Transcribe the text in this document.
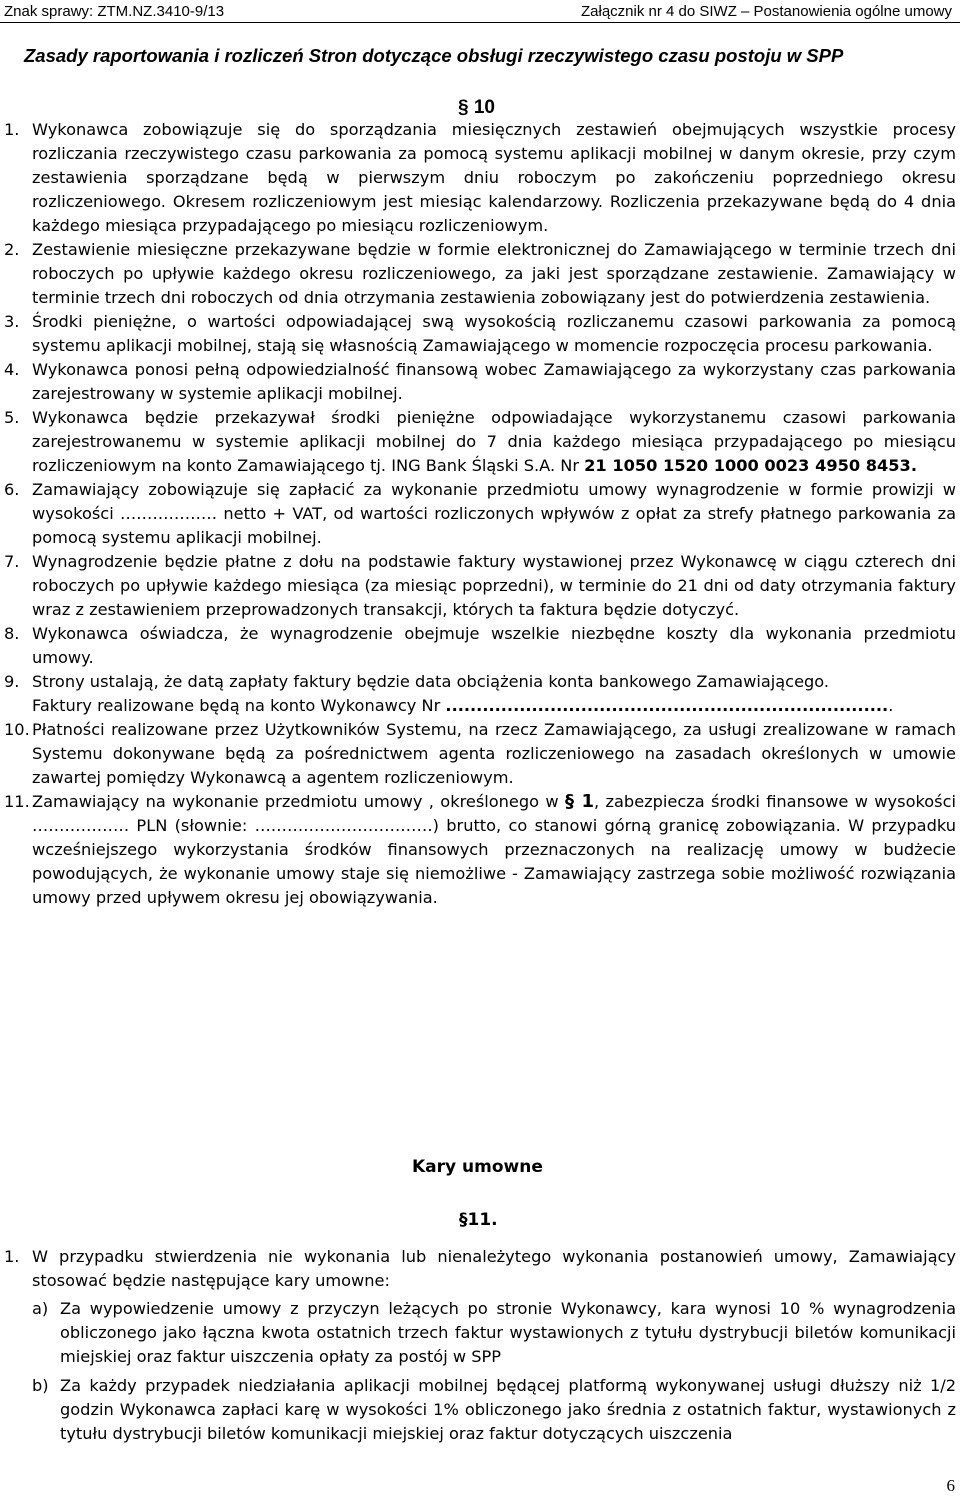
Znak sprawy: ZTM.NZ.3410-9/13	Załącznik nr 4 do SIWZ – Postanowienia ogólne umowy
Zasady raportowania i rozliczeń Stron dotyczące obsługi rzeczywistego czasu postoju w SPP
§ 10
1. Wykonawca zobowiązuje się do sporządzania miesięcznych zestawień obejmujących wszystkie procesy rozliczania rzeczywistego czasu parkowania za pomocą systemu aplikacji mobilnej w danym okresie, przy czym zestawienia sporządzane będą w pierwszym dniu roboczym po zakończeniu poprzedniego okresu rozliczeniowego. Okresem rozliczeniowym jest miesiąc kalendarzowy. Rozliczenia przekazywane będą do 4 dnia każdego miesiąca przypadającego po miesiącu rozliczeniowym.
2. Zestawienie miesięczne przekazywane będzie w formie elektronicznej do Zamawiającego w terminie trzech dni roboczych po upływie każdego okresu rozliczeniowego, za jaki jest sporządzane zestawienie. Zamawiający w terminie trzech dni roboczych od dnia otrzymania zestawienia zobowiązany jest do potwierdzenia zestawienia.
3. Środki pieniężne, o wartości odpowiadającej swą wysokością rozliczanemu czasowi parkowania za pomocą systemu aplikacji mobilnej, stają się własnością Zamawiającego w momencie rozpoczęcia procesu parkowania.
4. Wykonawca ponosi pełną odpowiedzialność finansową wobec Zamawiającego za wykorzystany czas parkowania zarejestrowany w systemie aplikacji mobilnej.
5. Wykonawca będzie przekazywał środki pieniężne odpowiadające wykorzystanemu czasowi parkowania zarejestrowanemu w systemie aplikacji mobilnej do 7 dnia każdego miesiąca przypadającego po miesiącu rozliczeniowym na konto Zamawiającego tj. ING Bank Śląski S.A. Nr 21 1050 1520 1000 0023 4950 8453.
6. Zamawiający zobowiązuje się zapłacić za wykonanie przedmiotu umowy wynagrodzenie w formie prowizji w wysokości ……………… netto + VAT, od wartości rozliczonych wpływów z opłat za strefy płatnego parkowania za pomocą systemu aplikacji mobilnej.
7. Wynagrodzenie będzie płatne z dołu na podstawie faktury wystawionej przez Wykonawcę w ciągu czterech dni roboczych po upływie każdego miesiąca (za miesiąc poprzedni), w terminie do 21 dni od daty otrzymania faktury wraz z zestawieniem przeprowadzonych transakcji, których ta faktura będzie dotyczyć.
8. Wykonawca oświadcza, że wynagrodzenie obejmuje wszelkie niezbędne koszty dla wykonania przedmiotu umowy.
9. Strony ustalają, że datą zapłaty faktury będzie data obciążenia konta bankowego Zamawiającego.
Faktury realizowane będą na konto Wykonawcy Nr .........................................................................
10. Płatności realizowane przez Użytkowników Systemu, na rzecz Zamawiającego, za usługi zrealizowane w ramach Systemu dokonywane będą za pośrednictwem agenta rozliczeniowego na zasadach określonych w umowie zawartej pomiędzy Wykonawcą a agentem rozliczeniowym.
11. Zamawiający na wykonanie przedmiotu umowy , określonego w § 1, zabezpiecza środki finansowe w wysokości ……………… PLN (słownie: ……………………………) brutto, co stanowi górną granicę zobowiązania. W przypadku wcześniejszego wykorzystania środków finansowych przeznaczonych na realizację umowy w budżecie powodujących, że wykonanie umowy staje się niemożliwe - Zamawiający zastrzega sobie możliwość rozwiązania umowy przed upływem okresu jej obowiązywania.
Kary umowne
§11.
1. W przypadku stwierdzenia nie wykonania lub nienależytego wykonania postanowień umowy, Zamawiający stosować będzie następujące kary umowne:
a) Za wypowiedzenie umowy z przyczyn leżących po stronie Wykonawcy, kara wynosi 10 % wynagrodzenia obliczonego jako łączna kwota ostatnich trzech faktur wystawionych z tytułu dystrybucji biletów komunikacji miejskiej oraz faktur uiszczenia opłaty za postój w SPP
b) Za każdy przypadek niedziałania aplikacji mobilnej będącej platformą wykonywanej usługi dłuższy niż 1/2 godzin Wykonawca zapłaci karę w wysokości 1% obliczonego jako średnia z ostatnich faktur, wystawionych z tytułu dystrybucji biletów komunikacji miejskiej oraz faktur dotyczących uiszczenia
6
